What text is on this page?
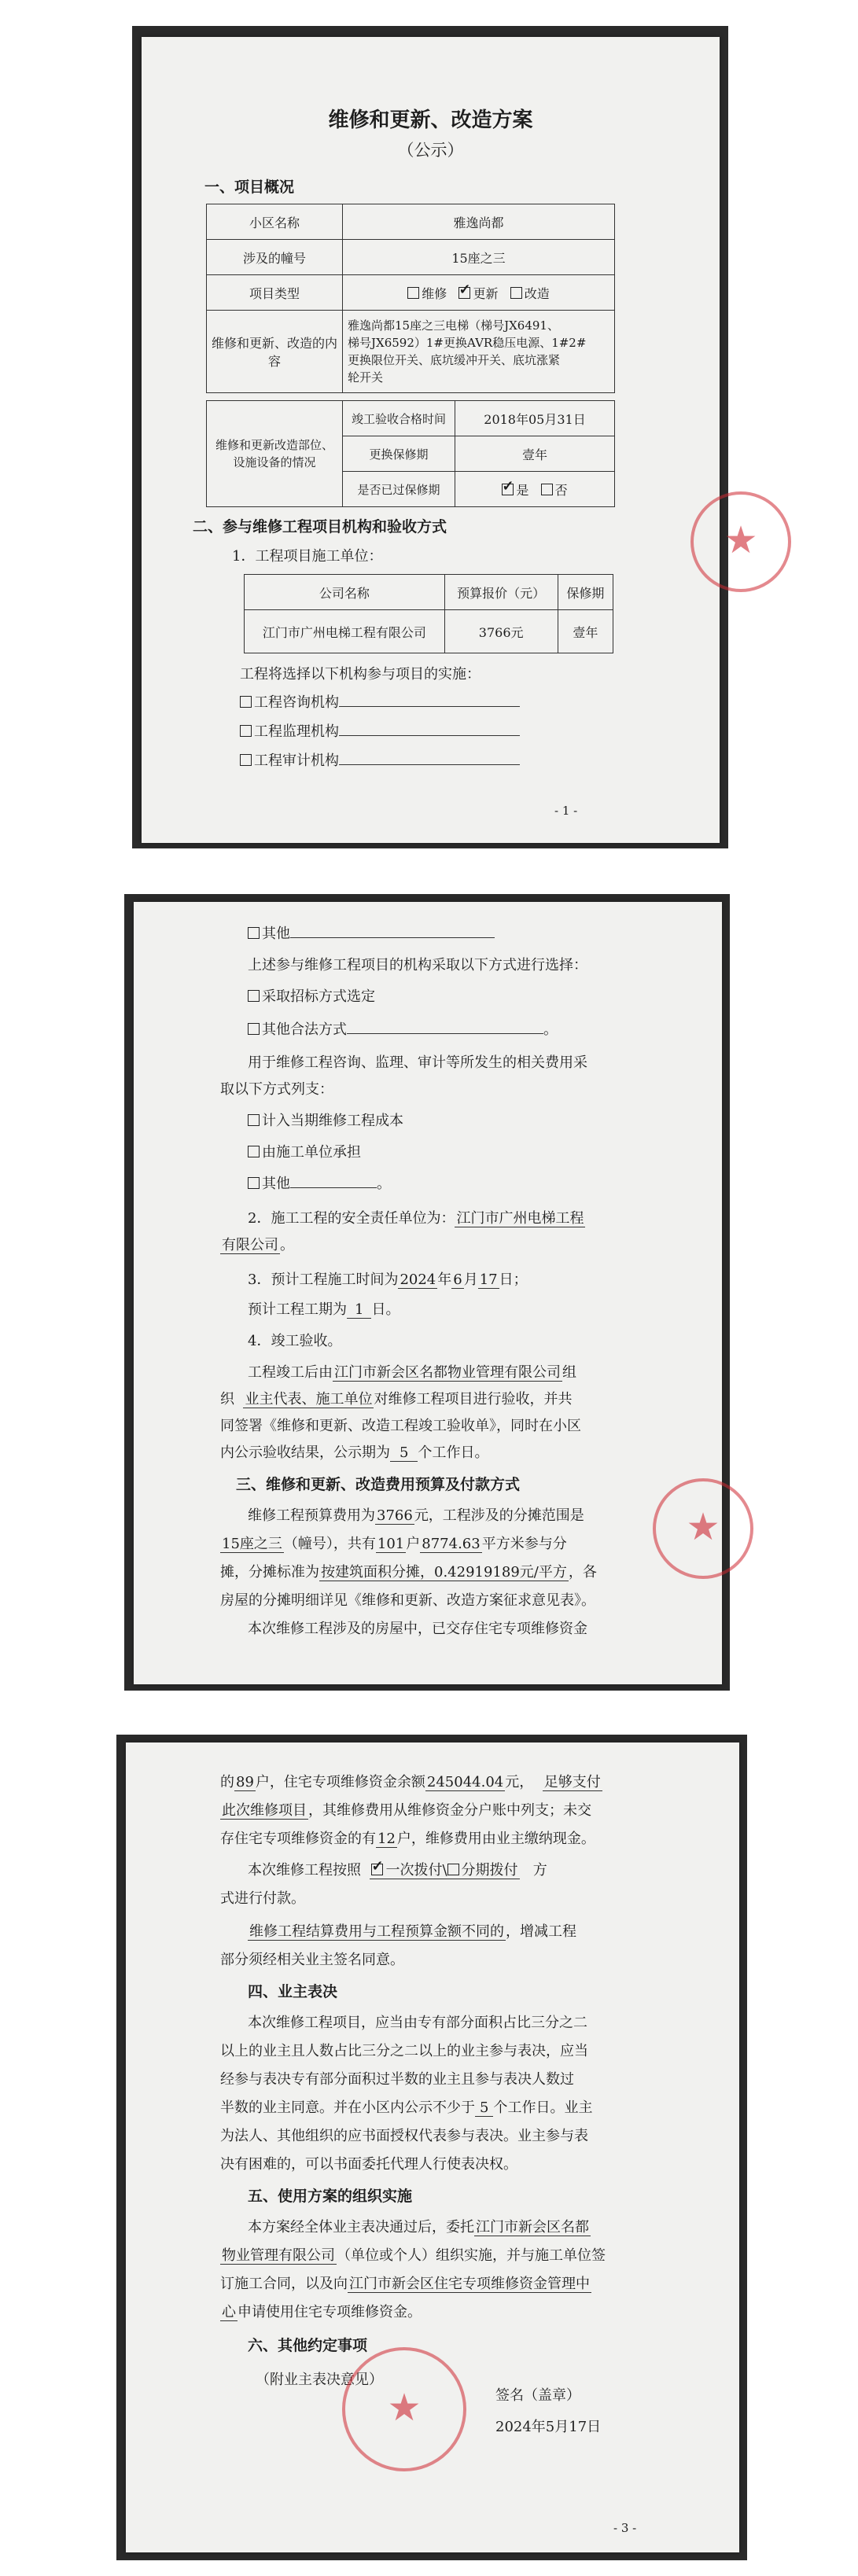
维修和更新、改造方案
（公示）
一、项目概况
小区名称	雅逸尚都
涉及的幢号	15座之三
项目类型	维修 ✓ 更新 改造
维修和更新、改造的内容	雅逸尚都15座之三电梯（梯号JX6491、
梯号JX6592）1#更换AVR稳压电源、1#2#
更换限位开关、底坑缓冲开关、底坑涨紧
轮开关
维修和更新改造部位、设施设备的情况	竣工验收合格时间	2018年05月31日
	更换保修期	壹年
	是否已过保修期	✓是 否
二、参与维修工程项目机构和验收方式
1．工程项目施工单位：
公司名称	预算报价（元）	保修期
江门市广州电梯工程有限公司	3766元	壹年
工程将选择以下机构参与项目的实施：
工程咨询机构
工程监理机构
工程审计机构
- 1 -
★
其他
上述参与维修工程项目的机构采取以下方式进行选择：
采取招标方式选定
其他合法方式	。
用于维修工程咨询、监理、审计等所发生的相关费用采
取以下方式列支：
计入当期维修工程成本
由施工单位承担
其他	。
2．施工工程的安全责任单位为： 江门市广州电梯工程
有限公司 。
3．预计工程施工时间为 2024 年 6 月 17 日；
预计工程工期为 1 日。
4．竣工验收。
工程竣工后由 江门市新会区名都物业管理有限公司 组
织 业主代表、施工单位 对维修工程项目进行验收，并共
同签署《维修和更新、改造工程竣工验收单》，同时在小区
内公示验收结果，公示期为 5 个工作日。
三、维修和更新、改造费用预算及付款方式
维修工程预算费用为 3766 元，工程涉及的分摊范围是
15座之三 （幢号），共有 101 户 8774.63 平方米参与分
摊，分摊标准为 按建筑面积分摊，0.42919189元/平方 ，各
房屋的分摊明细详见《维修和更新、改造方案征求意见表》。
本次维修工程涉及的房屋中，已交存住宅专项维修资金
★
的 89 户，住宅专项维修资金余额 245044.04 元， 足够支付
此次维修项目 ，其维修费用从维修资金分户账中列支；未交
存住宅专项维修资金的有 12 户，维修费用由业主缴纳现金。
本次维修工程按照 ✓ 一次拨付\ 分期拨付 方
式进行付款。
维修工程结算费用与工程预算金额不同的 ，增减工程
部分须经相关业主签名同意。
四、业主表决
本次维修工程项目，应当由专有部分面积占比三分之二
以上的业主且人数占比三分之二以上的业主参与表决，应当
经参与表决专有部分面积过半数的业主且参与表决人数过
半数的业主同意。并在小区内公示不少于 5 个工作日。业主
为法人、其他组织的应书面授权代表参与表决。业主参与表
决有困难的，可以书面委托代理人行使表决权。
五、使用方案的组织实施
本方案经全体业主表决通过后，委托 江门市新会区名都
物业管理有限公司 （单位或个人）组织实施，并与施工单位签
订施工合同，以及向 江门市新会区住宅专项维修资金管理中
心 申请使用住宅专项维修资金。
六、其他约定事项
（附业主表决意见）
签名（盖章）
2024年5月17日
- 3 -
★
